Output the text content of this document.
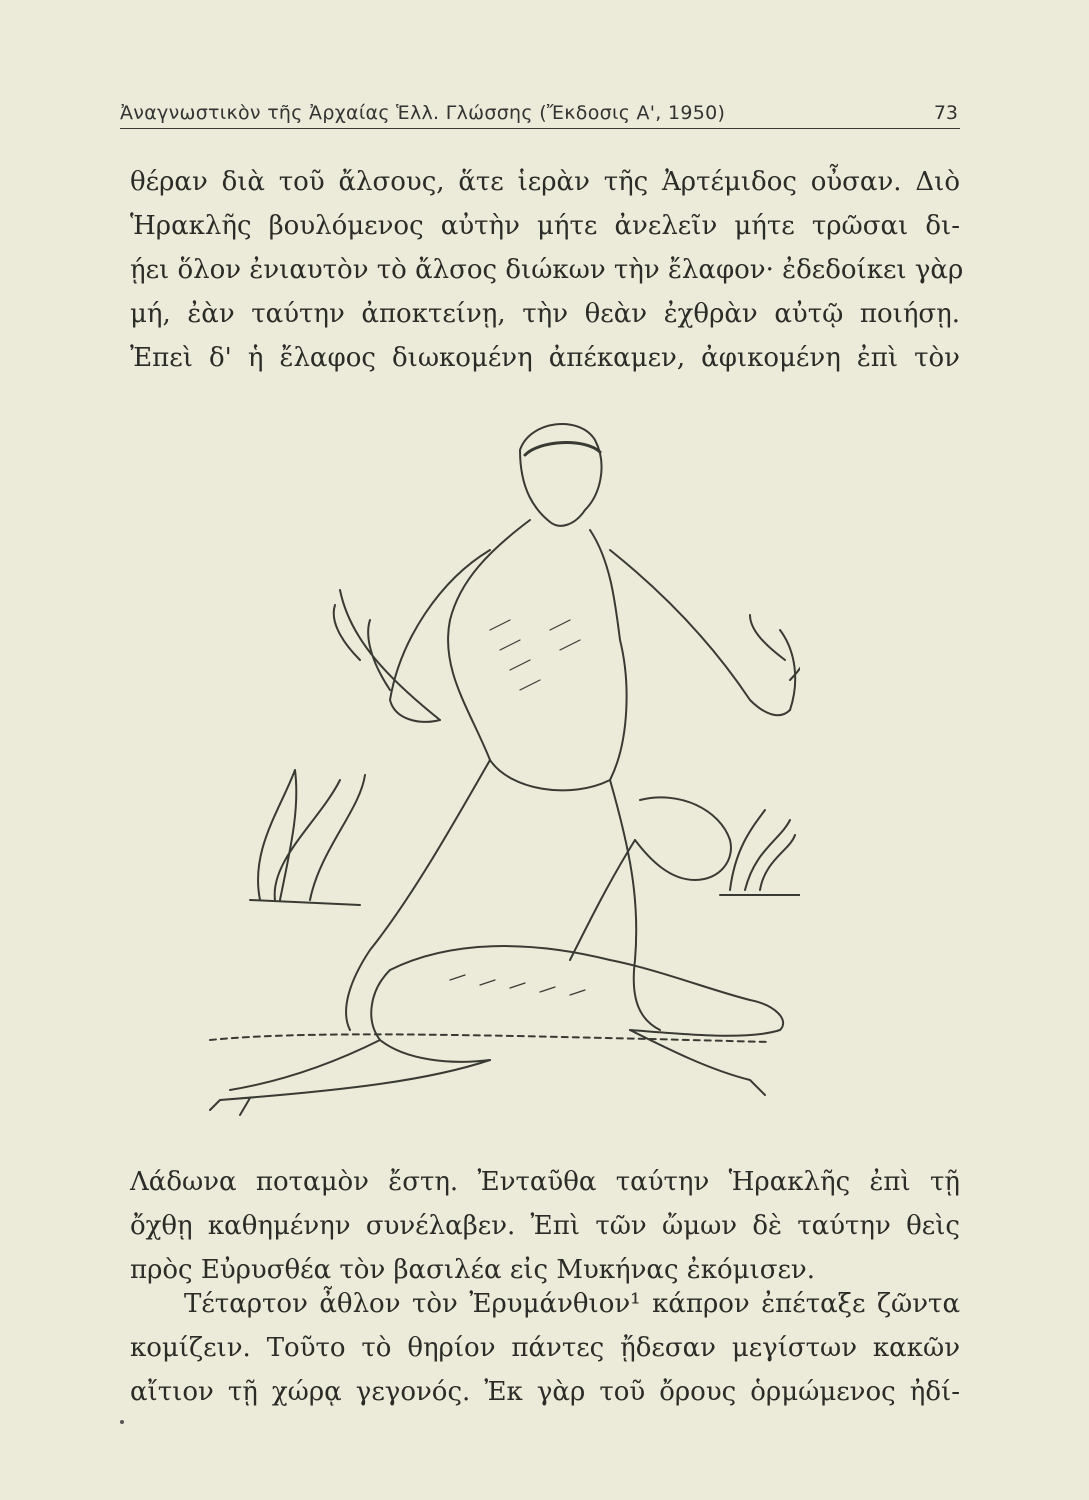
Ἀναγνωστικὸν τῆς Ἀρχαίας Ἑλλ. Γλώσσης (Ἔκδοσις Α', 1950)	73
θέραν διὰ τοῦ ἄλσους, ἅτε ἱερὰν τῆς Ἀρτέμιδος οὖσαν. Διὸ
Ἡρακλῆς βουλόμενος αὐτὴν μήτε ἀνελεῖν μήτε τρῶσαι δι-
ῄει ὅλον ἐνιαυτὸν τὸ ἄλσος διώκων τὴν ἔλαφον· ἐδεδοίκει γὰρ
μή, ἐὰν ταύτην ἀποκτείνῃ, τὴν θεὰν ἐχθρὰν αὐτῷ ποιήσῃ.
Ἐπεὶ δ' ἡ ἔλαφος διωκομένη ἀπέκαμεν, ἀφικομένη ἐπὶ τὸν
Λάδωνα ποταμὸν ἔστη. Ἐνταῦθα ταύτην Ἡρακλῆς ἐπὶ τῇ
ὄχθῃ καθημένην συνέλαβεν. Ἐπὶ τῶν ὤμων δὲ ταύτην θεὶς
πρὸς Εὐρυσθέα τὸν βασιλέα εἰς Μυκήνας ἐκόμισεν.
Τέταρτον ἆθλον τὸν Ἐρυμάνθιον¹ κάπρον ἐπέταξε ζῶντα
κομίζειν. Τοῦτο τὸ θηρίον πάντες ᾔδεσαν μεγίστων κακῶν
αἴτιον τῇ χώρᾳ γεγονός. Ἐκ γὰρ τοῦ ὄρους ὁρμώμενος ἠδί-
